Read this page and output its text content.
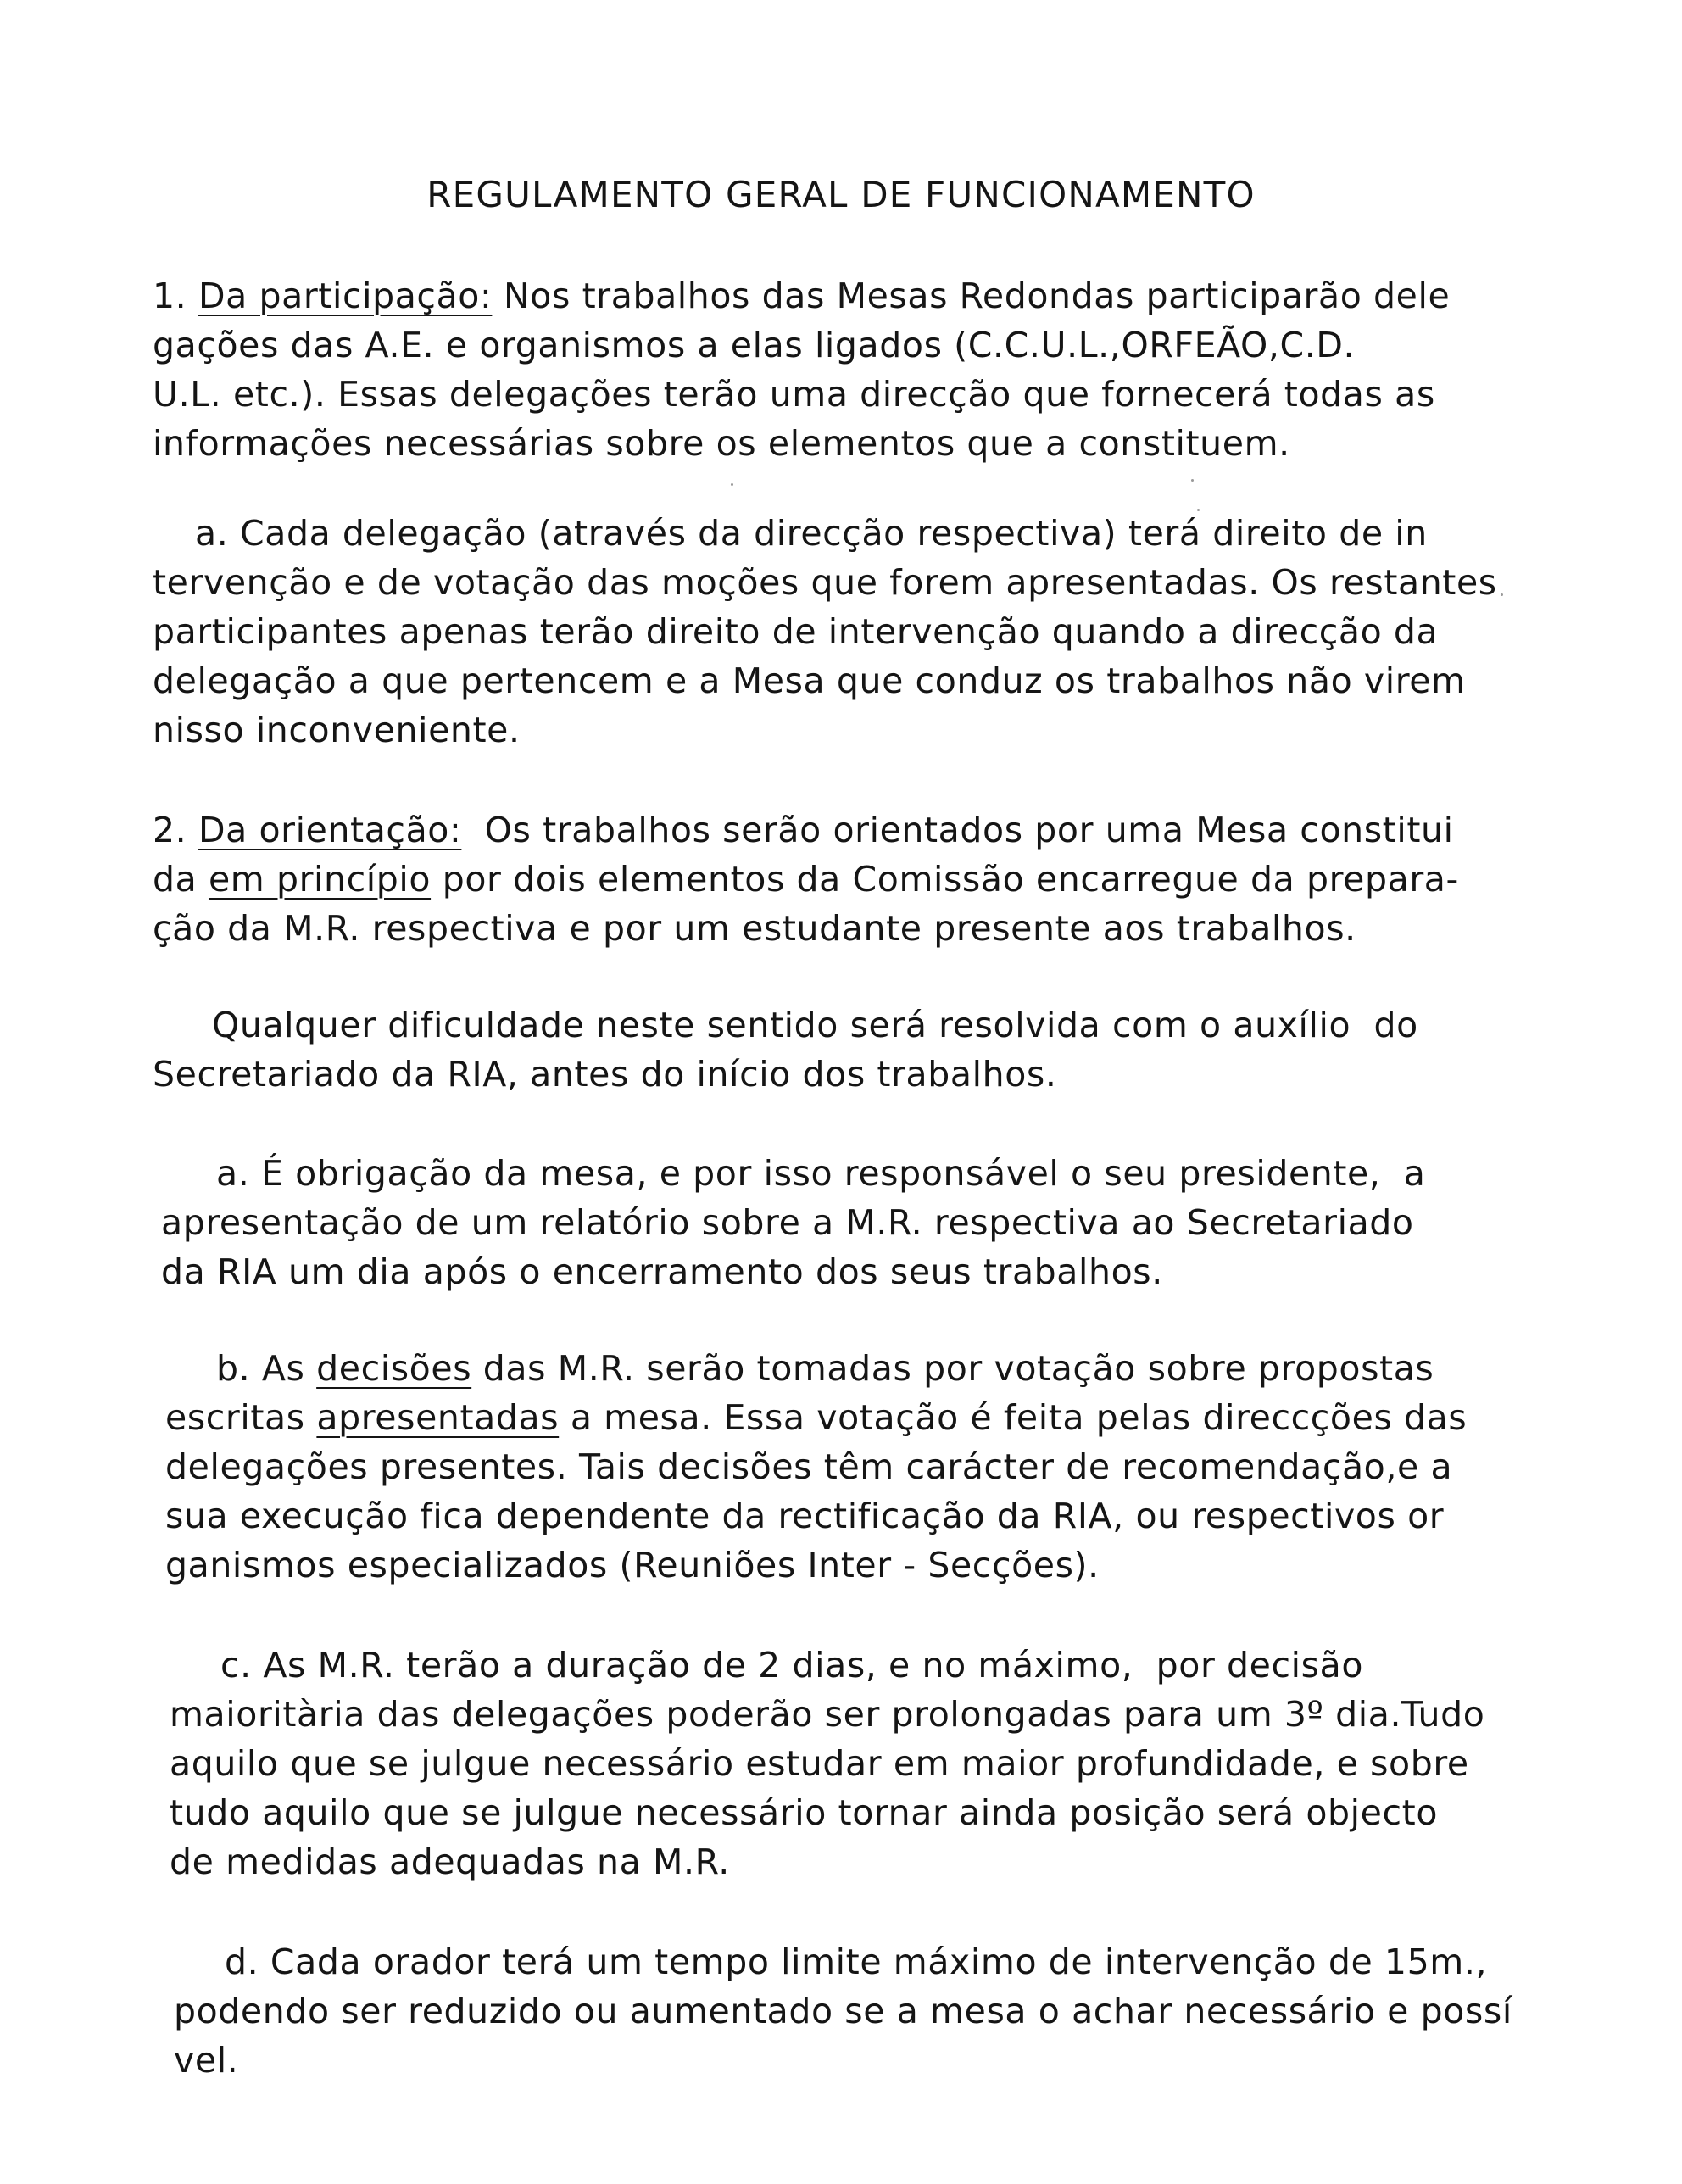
REGULAMENTO GERAL DE FUNCIONAMENTO
1. Da participação: Nos trabalhos das Mesas Redondas participarão dele
gações das A.E. e organismos a elas ligados (C.C.U.L.,ORFEÃO,C.D.
U.L. etc.). Essas delegações terão uma direcção que fornecerá todas as
informações necessárias sobre os elementos que a constituem.
a. Cada delegação (através da direcção respectiva) terá direito de in
tervenção e de votação das moções que forem apresentadas. Os restantes
participantes apenas terão direito de intervenção quando a direcção da
delegação a que pertencem e a Mesa que conduz os trabalhos não virem
nisso inconveniente.
2. Da orientação:  Os trabalhos serão orientados por uma Mesa constitui
da em princípio por dois elementos da Comissão encarregue da prepara-
ção da M.R. respectiva e por um estudante presente aos trabalhos.
Qualquer dificuldade neste sentido será resolvida com o auxílio  do
Secretariado da RIA, antes do início dos trabalhos.
a. É obrigação da mesa, e por isso responsável o seu presidente,  a
apresentação de um relatório sobre a M.R. respectiva ao Secretariado
da RIA um dia após o encerramento dos seus trabalhos.
b. As decisões das M.R. serão tomadas por votação sobre propostas
escritas apresentadas a mesa. Essa votação é feita pelas direccções das
delegações presentes. Tais decisões têm carácter de recomendação,e a
sua execução fica dependente da rectificação da RIA, ou respectivos or
ganismos especializados (Reuniões Inter - Secções).
c. As M.R. terão a duração de 2 dias, e no máximo,  por decisão
maioritària das delegações poderão ser prolongadas para um 3º dia.Tudo
aquilo que se julgue necessário estudar em maior profundidade, e sobre
tudo aquilo que se julgue necessário tornar ainda posição será objecto
de medidas adequadas na M.R.
d. Cada orador terá um tempo limite máximo de intervenção de 15m.,
podendo ser reduzido ou aumentado se a mesa o achar necessário e possí
vel.
